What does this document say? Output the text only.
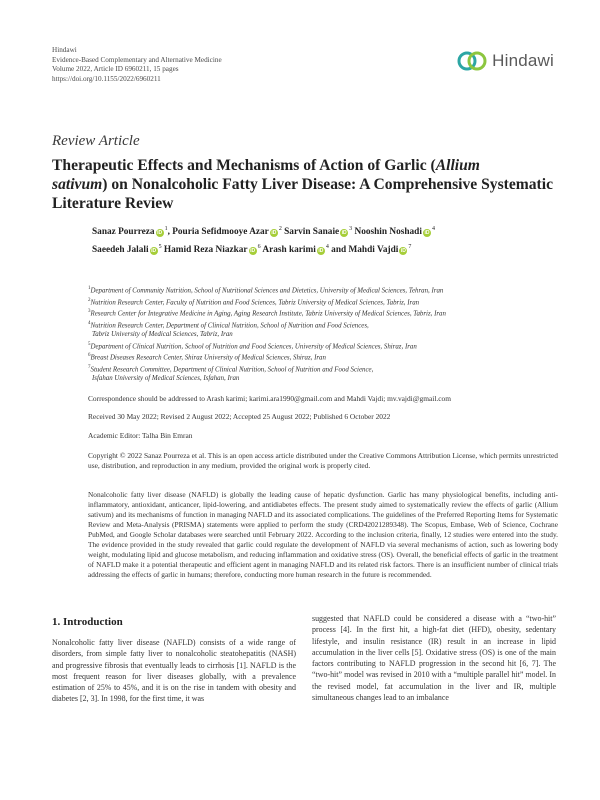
Hindawi
Evidence-Based Complementary and Alternative Medicine
Volume 2022, Article ID 6960211, 15 pages
https://doi.org/10.1155/2022/6960211
Hindawi
Review Article
Therapeutic Effects and Mechanisms of Action of Garlic (Allium
sativum) on Nonalcoholic Fatty Liver Disease: A Comprehensive Systematic Literature Review
Sanaz Pourreza $iD^1$, Pouria Sefidmooye Azar $iD^2$ Sarvin Sanaie $iD^3$ Nooshin Noshadi $iD^4$
Saeedeh Jalali $iD^5$ Hamid Reza Niazkar $iD^6$ Arash karimi $iD^4$ and Mahdi Vajdi $iD^7$
$^1$Department of Community Nutrition, School of Nutritional Sciences and Dietetics, University of Medical Sciences, Tehran, Iran
$^2$Nutrition Research Center, Faculty of Nutrition and Food Sciences, Tabriz University of Medical Sciences, Tabriz, Iran
$^3$Research Center for Integrative Medicine in Aging, Aging Research Institute, Tabriz University of Medical Sciences, Tabriz, Iran
$^4$Nutrition Research Center, Department of Clinical Nutrition, School of Nutrition and Food Sciences,
Tabriz University of Medical Sciences, Tabriz, Iran
$^5$Department of Clinical Nutrition, School of Nutrition and Food Sciences, University of Medical Sciences, Shiraz, Iran
$^6$Breast Diseases Research Center, Shiraz University of Medical Sciences, Shiraz, Iran
$^7$Student Research Committee, Department of Clinical Nutrition, School of Nutrition and Food Science,
Isfahan University of Medical Sciences, Isfahan, Iran
Correspondence should be addressed to Arash karimi; karimi.ara1990@gmail.com and Mahdi Vajdi; mv.vajdi@gmail.com
Received 30 May 2022; Revised 2 August 2022; Accepted 25 August 2022; Published 6 October 2022
Academic Editor: Talha Bin Emran
Copyright © 2022 Sanaz Pourreza et al. This is an open access article distributed under the Creative Commons Attribution License, which permits unrestricted use, distribution, and reproduction in any medium, provided the original work is properly cited.
Nonalcoholic fatty liver disease (NAFLD) is globally the leading cause of hepatic dysfunction. Garlic has many physiological benefits, including anti-inflammatory, antioxidant, anticancer, lipid-lowering, and antidiabetes effects. The present study aimed to systematically review the effects of garlic (Allium sativum) and its mechanisms of function in managing NAFLD and its associated complications. The guidelines of the Preferred Reporting Items for Systematic Review and Meta-Analysis (PRISMA) statements were applied to perform the study (CRD42021289348). The Scopus, Embase, Web of Science, Cochrane PubMed, and Google Scholar databases were searched until February 2022. According to the inclusion criteria, finally, 12 studies were entered into the study. The evidence provided in the study revealed that garlic could regulate the development of NAFLD via several mechanisms of action, such as lowering body weight, modulating lipid and glucose metabolism, and reducing inflammation and oxidative stress (OS). Overall, the beneficial effects of garlic in the treatment of NAFLD make it a potential therapeutic and efficient agent in managing NAFLD and its related risk factors. There is an insufficient number of clinical trials addressing the effects of garlic in humans; therefore, conducting more human research in the future is recommended.
1. Introduction
Nonalcoholic fatty liver disease (NAFLD) consists of a wide range of disorders, from simple fatty liver to nonalcoholic steatohepatitis (NASH) and progressive fibrosis that eventually leads to cirrhosis [1]. NAFLD is the most frequent reason for liver diseases globally, with a prevalence estimation of 25% to 45%, and it is on the rise in tandem with obesity and diabetes [2, 3]. In 1998, for the first time, it was
suggested that NAFLD could be considered a disease with a “two-hit” process [4]. In the first hit, a high-fat diet (HFD), obesity, sedentary lifestyle, and insulin resistance (IR) result in an increase in lipid accumulation in the liver cells [5]. Oxidative stress (OS) is one of the main factors contributing to NAFLD progression in the second hit [6, 7]. The “two-hit” model was revised in 2010 with a “multiple parallel hit” model. In the revised model, fat accumulation in the liver and IR, multiple simultaneous changes lead to an imbalance
